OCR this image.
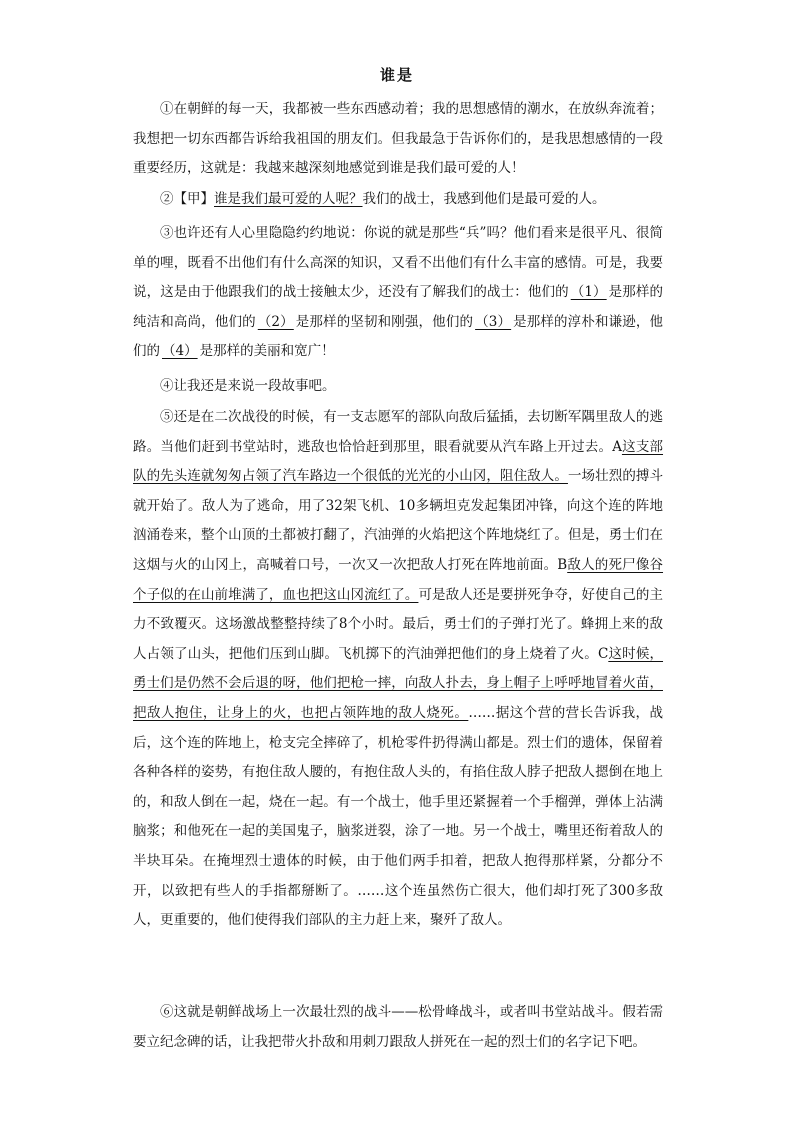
谁是

①在朝鲜的每一天，我都被一些东西感动着；我的思想感情的潮水，在放纵奔流着；我想把一切东西都告诉给我祖国的朋友们。但我最急于告诉你们的，是我思想感情的一段重要经历，这就是：我越来越深刻地感觉到谁是我们最可爱的人！

②【甲】谁是我们最可爱的人呢？我们的战士，我感到他们是最可爱的人。

③也许还有人心里隐隐约约地说：你说的就是那些“兵”吗？他们看来是很平凡、很简单的哩，既看不出他们有什么高深的知识，又看不出他们有什么丰富的感情。可是，我要说，这是由于他跟我们的战士接触太少，还没有了解我们的战士：他们的 （1） 是那样的纯洁和高尚，他们的 （2） 是那样的坚韧和刚强，他们的 （3） 是那样的淳朴和谦逊，他们的 （4） 是那样的美丽和宽广！

④让我还是来说一段故事吧。

⑤还是在二次战役的时候，有一支志愿军的部队向敌后猛插，去切断军隅里敌人的逃路。当他们赶到书堂站时，逃敌也恰恰赶到那里，眼看就要从汽车路上开过去。A这支部队的先头连就匆匆占领了汽车路边一个很低的光光的小山冈，阻住敌人。一场壮烈的搏斗就开始了。敌人为了逃命，用了32架飞机、10多辆坦克发起集团冲锋，向这个连的阵地汹涌卷来，整个山顶的土都被打翻了，汽油弹的火焰把这个阵地烧红了。但是，勇士们在这烟与火的山冈上，高喊着口号，一次又一次把敌人打死在阵地前面。B敌人的死尸像谷个子似的在山前堆满了，血也把这山冈流红了。可是敌人还是要拼死争夺，好使自己的主力不致覆灭。这场激战整整持续了8个小时。最后，勇士们的子弹打光了。蜂拥上来的敌人占领了山头，把他们压到山脚。飞机掷下的汽油弹把他们的身上烧着了火。C这时候，勇士们是仍然不会后退的呀，他们把枪一摔，向敌人扑去，身上帽子上呼呼地冒着火苗，把敌人抱住，让身上的火，也把占领阵地的敌人烧死。……据这个营的营长告诉我，战后，这个连的阵地上，枪支完全摔碎了，机枪零件扔得满山都是。烈士们的遗体，保留着各种各样的姿势，有抱住敌人腰的，有抱住敌人头的，有掐住敌人脖子把敌人摁倒在地上的，和敌人倒在一起，烧在一起。有一个战士，他手里还紧握着一个手榴弹，弹体上沾满脑浆；和他死在一起的美国鬼子，脑浆迸裂，涂了一地。另一个战士，嘴里还衔着敌人的半块耳朵。在掩埋烈士遗体的时候，由于他们两手扣着，把敌人抱得那样紧，分都分不开，以致把有些人的手指都掰断了。……这个连虽然伤亡很大，他们却打死了300多敌人，更重要的，他们使得我们部队的主力赶上来，聚歼了敌人。

⑥这就是朝鲜战场上一次最壮烈的战斗——松骨峰战斗，或者叫书堂站战斗。假若需要立纪念碑的话，让我把带火扑敌和用刺刀跟敌人拼死在一起的烈士们的名字记下吧。
